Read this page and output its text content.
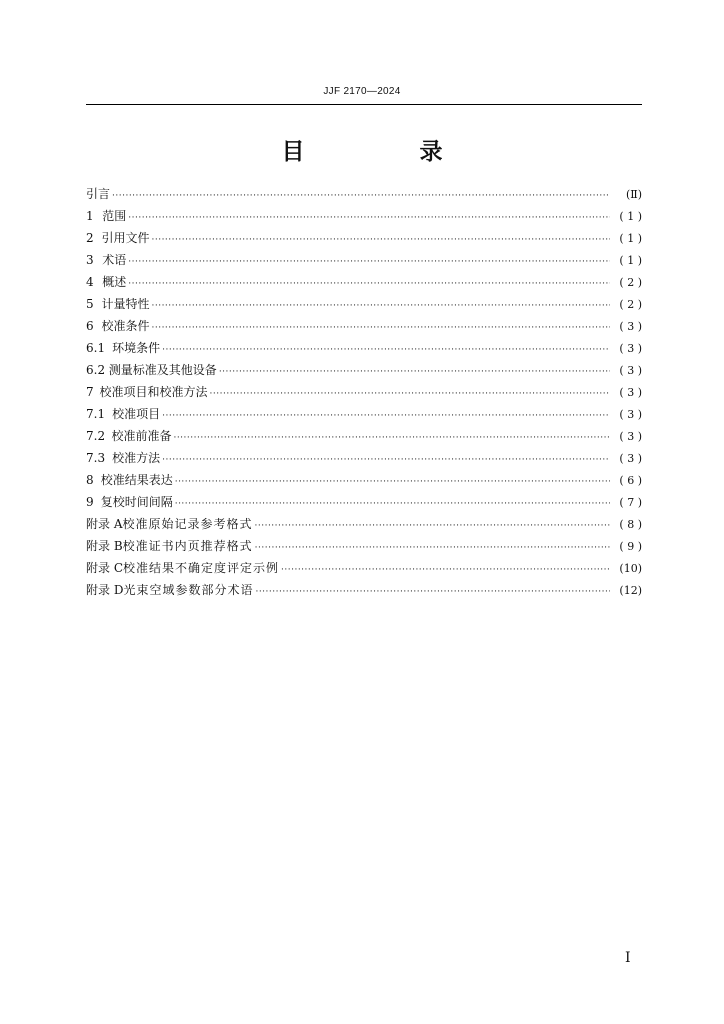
JJF 2170—2024
目　录
引言 ·····	(Ⅱ)
1 范围 ·····	( 1 )
2 引用文件 ·····	( 1 )
3 术语 ·····	( 1 )
4 概述 ·····	( 2 )
5 计量特性 ·····	( 2 )
6 校准条件 ·····	( 3 )
6.1 环境条件 ·····	( 3 )
6.2 测量标准及其他设备 ·····	( 3 )
7 校准项目和校准方法 ·····	( 3 )
7.1 校准项目 ·····	( 3 )
7.2 校准前准备 ·····	( 3 )
7.3 校准方法 ·····	( 3 )
8 校准结果表达 ·····	( 6 )
9 复校时间间隔 ·····	( 7 )
附录 A 校准原始记录参考格式 ·····	( 8 )
附录 B 校准证书内页推荐格式 ·····	( 9 )
附录 C 校准结果不确定度评定示例 ·····	(10)
附录 D 光束空域参数部分术语 ·····	(12)
I
